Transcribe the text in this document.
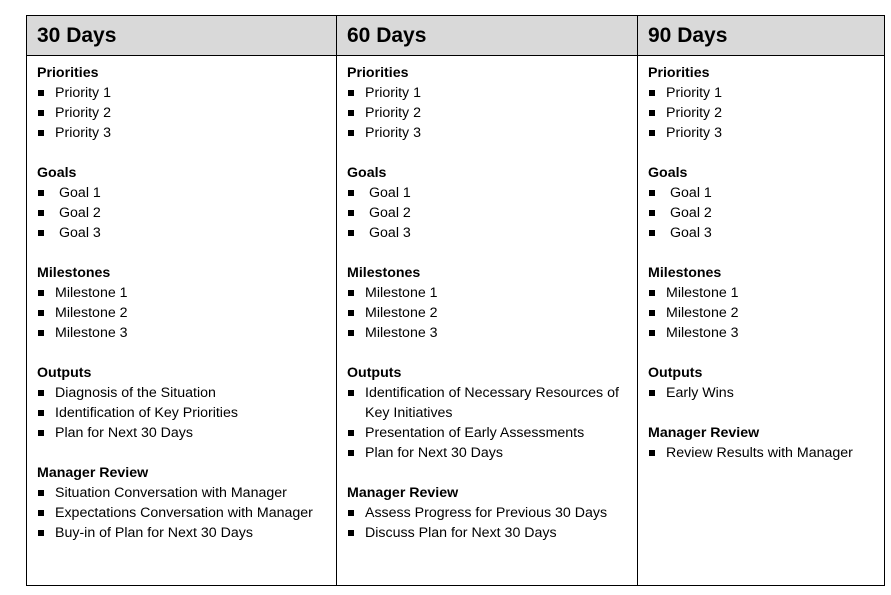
30 Days
Priorities
Priority 1
Priority 2
Priority 3
Goals
Goal 1
Goal 2
Goal 3
Milestones
Milestone 1
Milestone 2
Milestone 3
Outputs
Diagnosis of the Situation
Identification of Key Priorities
Plan for Next 30 Days
Manager Review
Situation Conversation with Manager
Expectations Conversation with Manager
Buy-in of Plan for Next 30 Days
60 Days
Priorities
Priority 1
Priority 2
Priority 3
Goals
Goal 1
Goal 2
Goal 3
Milestones
Milestone 1
Milestone 2
Milestone 3
Outputs
Identification of Necessary Resources of Key Initiatives
Presentation of Early Assessments
Plan for Next 30 Days
Manager Review
Assess Progress for Previous 30 Days
Discuss Plan for Next 30 Days
90 Days
Priorities
Priority 1
Priority 2
Priority 3
Goals
Goal 1
Goal 2
Goal 3
Milestones
Milestone 1
Milestone 2
Milestone 3
Outputs
Early Wins
Manager Review
Review Results with Manager
